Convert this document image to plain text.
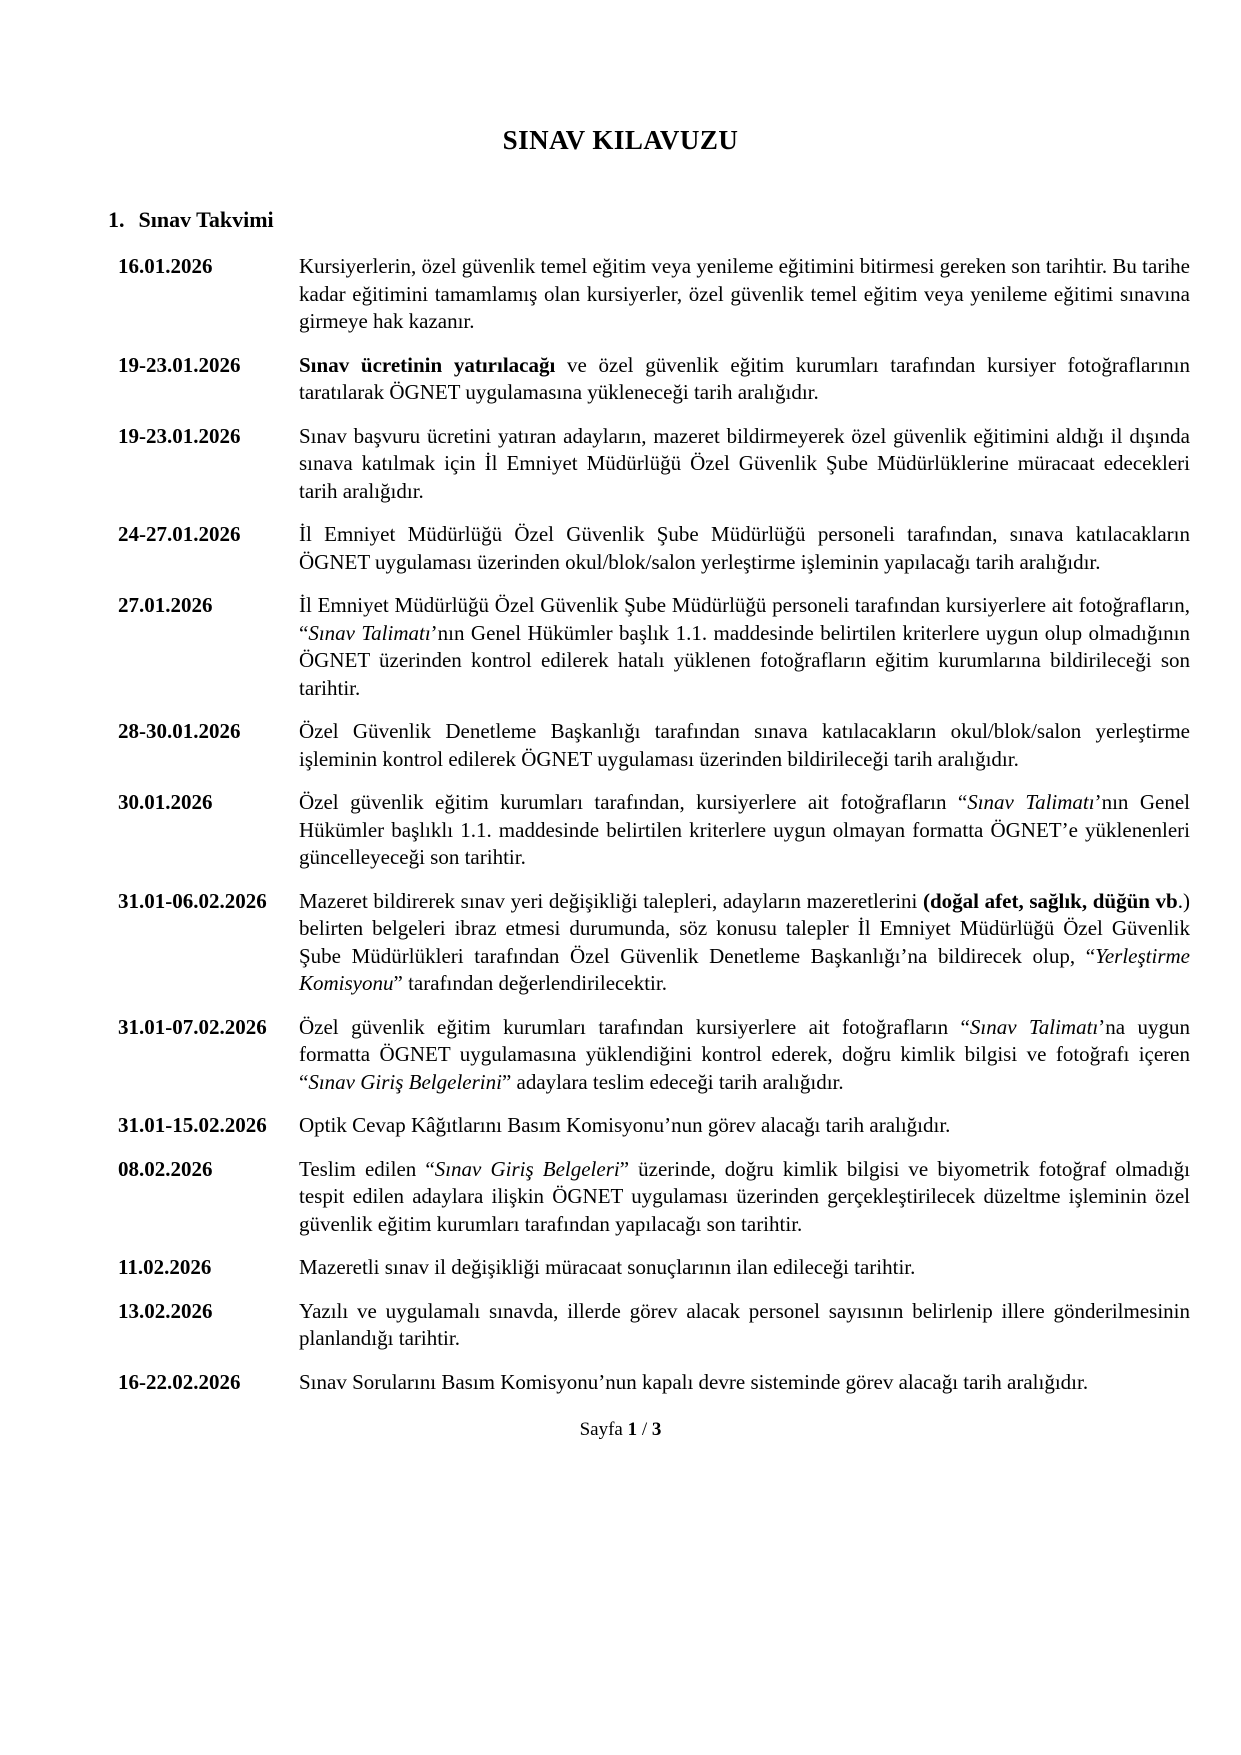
SINAV KILAVUZU
1. Sınav Takvimi
16.01.2026	Kursiyerlerin, özel güvenlik temel eğitim veya yenileme eğitimini bitirmesi gereken son tarihtir. Bu tarihe kadar eğitimini tamamlamış olan kursiyerler, özel güvenlik temel eğitim veya yenileme eğitimi sınavına girmeye hak kazanır.
19-23.01.2026	Sınav ücretinin yatırılacağı ve özel güvenlik eğitim kurumları tarafından kursiyer fotoğraflarının taratılarak ÖGNET uygulamasına yükleneceği tarih aralığıdır.
19-23.01.2026	Sınav başvuru ücretini yatıran adayların, mazeret bildirmeyerek özel güvenlik eğitimini aldığı il dışında sınava katılmak için İl Emniyet Müdürlüğü Özel Güvenlik Şube Müdürlüklerine müracaat edecekleri tarih aralığıdır.
24-27.01.2026	İl Emniyet Müdürlüğü Özel Güvenlik Şube Müdürlüğü personeli tarafından, sınava katılacakların ÖGNET uygulaması üzerinden okul/blok/salon yerleştirme işleminin yapılacağı tarih aralığıdır.
27.01.2026	İl Emniyet Müdürlüğü Özel Güvenlik Şube Müdürlüğü personeli tarafından kursiyerlere ait fotoğrafların, “Sınav Talimatı’nın Genel Hükümler başlık 1.1. maddesinde belirtilen kriterlere uygun olup olmadığının ÖGNET üzerinden kontrol edilerek hatalı yüklenen fotoğrafların eğitim kurumlarına bildirileceği son tarihtir.
28-30.01.2026	Özel Güvenlik Denetleme Başkanlığı tarafından sınava katılacakların okul/blok/salon yerleştirme işleminin kontrol edilerek ÖGNET uygulaması üzerinden bildirileceği tarih aralığıdır.
30.01.2026	Özel güvenlik eğitim kurumları tarafından, kursiyerlere ait fotoğrafların “Sınav Talimatı’nın Genel Hükümler başlıklı 1.1. maddesinde belirtilen kriterlere uygun olmayan formatta ÖGNET’e yüklenenleri güncelleyeceği son tarihtir.
31.01-06.02.2026	Mazeret bildirerek sınav yeri değişikliği talepleri, adayların mazeretlerini (doğal afet, sağlık, düğün vb.) belirten belgeleri ibraz etmesi durumunda, söz konusu talepler İl Emniyet Müdürlüğü Özel Güvenlik Şube Müdürlükleri tarafından Özel Güvenlik Denetleme Başkanlığı’na bildirecek olup, “Yerleştirme Komisyonu” tarafından değerlendirilecektir.
31.01-07.02.2026	Özel güvenlik eğitim kurumları tarafından kursiyerlere ait fotoğrafların “Sınav Talimatı’na uygun formatta ÖGNET uygulamasına yüklendiğini kontrol ederek, doğru kimlik bilgisi ve fotoğrafı içeren “Sınav Giriş Belgelerini” adaylara teslim edeceği tarih aralığıdır.
31.01-15.02.2026	Optik Cevap Kâğıtlarını Basım Komisyonu’nun görev alacağı tarih aralığıdır.
08.02.2026	Teslim edilen “Sınav Giriş Belgeleri” üzerinde, doğru kimlik bilgisi ve biyometrik fotoğraf olmadığı tespit edilen adaylara ilişkin ÖGNET uygulaması üzerinden gerçekleştirilecek düzeltme işleminin özel güvenlik eğitim kurumları tarafından yapılacağı son tarihtir.
11.02.2026	Mazeretli sınav il değişikliği müracaat sonuçlarının ilan edileceği tarihtir.
13.02.2026	Yazılı ve uygulamalı sınavda, illerde görev alacak personel sayısının belirlenip illere gönderilmesinin planlandığı tarihtir.
16-22.02.2026	Sınav Sorularını Basım Komisyonu’nun kapalı devre sisteminde görev alacağı tarih aralığıdır.
Sayfa 1 / 3
